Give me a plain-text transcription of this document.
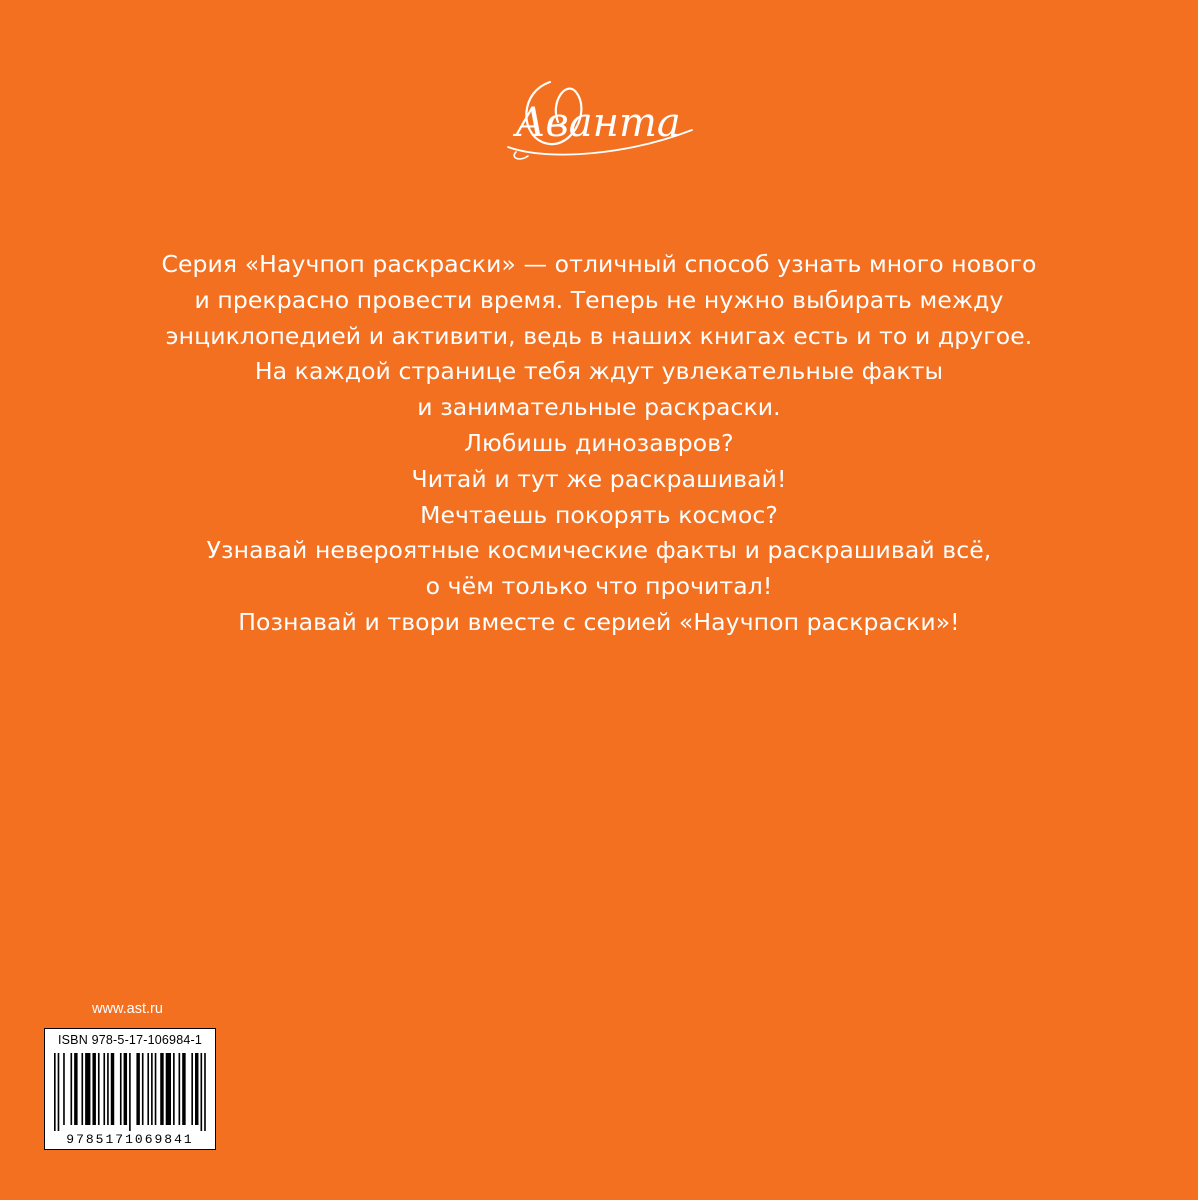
Аванта
Серия «Научпоп раскраски» — отличный способ узнать много нового
и прекрасно провести время. Теперь не нужно выбирать между
энциклопедией и активити, ведь в наших книгах есть и то и другое.
На каждой странице тебя ждут увлекательные факты
и занимательные раскраски.
Любишь динозавров?
Читай и тут же раскрашивай!
Мечтаешь покорять космос?
Узнавай невероятные космические факты и раскрашивай всё,
о чём только что прочитал!
Познавай и твори вместе с серией «Научпоп раскраски»!
www.ast.ru
ISBN 978-5-17-106984-1
9785171069841
